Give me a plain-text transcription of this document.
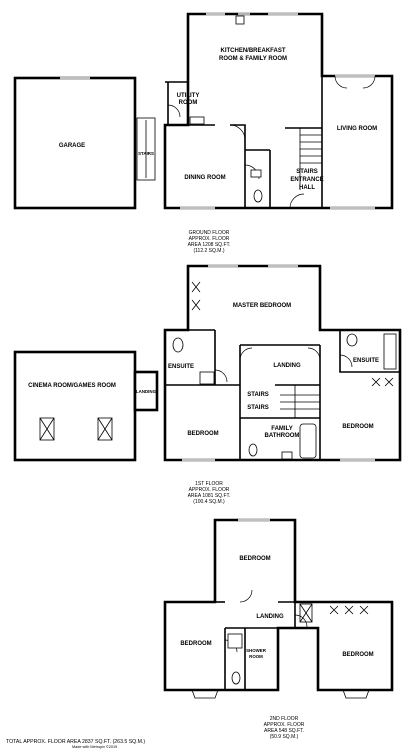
GARAGE
STAIRS
KITCHEN/BREAKFAST
ROOM & FAMILY ROOM
UTILITY
ROOM
DINING ROOM
STAIRS
ENTRANCE
HALL
LIVING ROOM
GROUND FLOOR
APPROX. FLOOR
AREA 1208 SQ.FT.
(112.2 SQ.M.)
CINEMA ROOM/GAMES ROOM
LANDING
MASTER BEDROOM
ENSUITE	LANDING
ENSUITE
STAIRS
STAIRS
BEDROOM
FAMILY
BATHROOM
BEDROOM
1ST FLOOR
APPROX. FLOOR
AREA 1081 SQ.FT.
(100.4 SQ.M.)
BEDROOM
LANDING
BEDROOM
SHOWER
ROOM	BEDROOM
2ND FLOOR
APPROX. FLOOR
AREA 548 SQ.FT.
(50.9 SQ.M.)
TOTAL APPROX. FLOOR AREA 2837 SQ.FT. (263.5 SQ.M.)
Made with Metropix ©2019
